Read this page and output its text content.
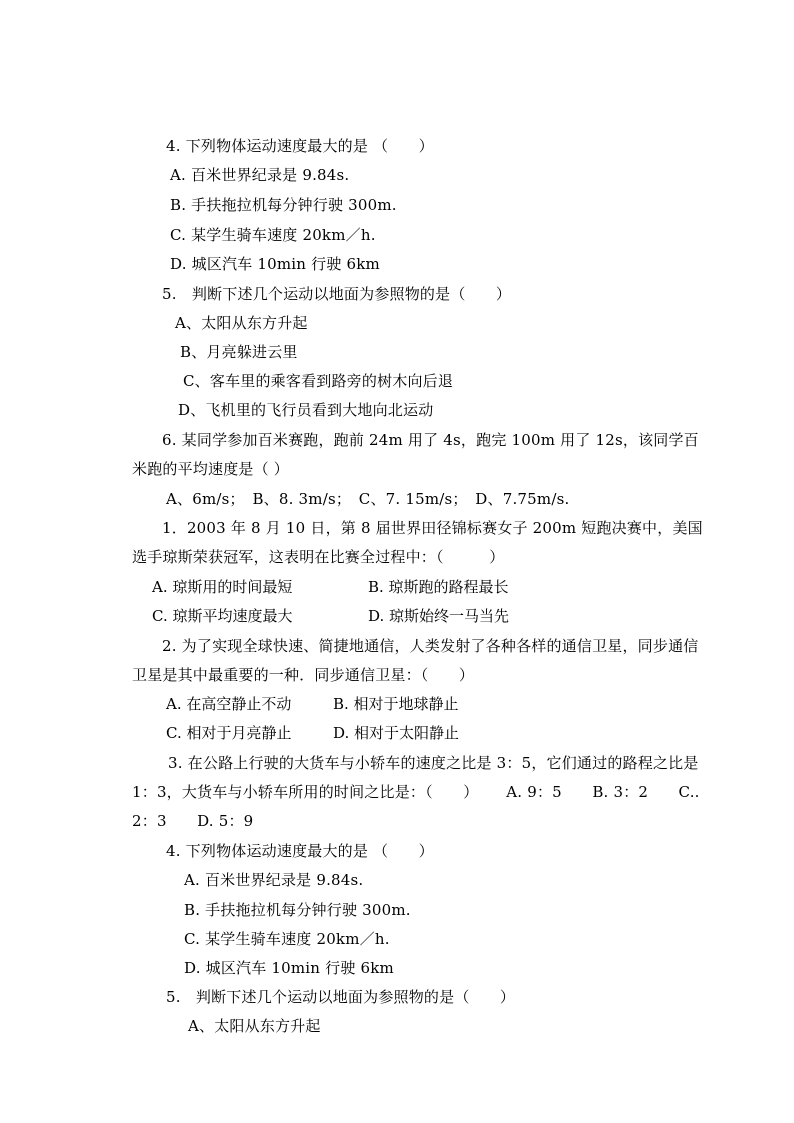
4. 下列物体运动速度最大的是 （　　）
A. 百米世界纪录是 9.84s.
B. 手扶拖拉机每分钟行驶 300m.
C. 某学生骑车速度 20km／h.
D. 城区汽车 10min 行驶 6km
5.　判断下述几个运动以地面为参照物的是（　　）
A、太阳从东方升起
B、月亮躲进云里
C、客车里的乘客看到路旁的树木向后退
D、飞机里的飞行员看到大地向北运动
6. 某同学参加百米赛跑，跑前 24m 用了 4s，跑完 100m 用了 12s，该同学百米跑的平均速度是（ ）
A、6m/s；　B、8. 3m/s；　C、7. 15m/s；　D、7.75m/s.
1．2003 年 8 月 10 日，第 8 届世界田径锦标赛女子 200m 短跑决赛中，美国选手琼斯荣获冠军，这表明在比赛全过程中：（　　　）
A. 琼斯用的时间最短	B. 琼斯跑的路程最长
C. 琼斯平均速度最大	D. 琼斯始终一马当先
2. 为了实现全球快速、简捷地通信，人类发射了各种各样的通信卫星，同步通信卫星是其中最重要的一种．同步通信卫星：（　　）
A. 在高空静止不动	B. 相对于地球静止
C. 相对于月亮静止	D. 相对于太阳静止
3. 在公路上行驶的大货车与小轿车的速度之比是 3：5，它们通过的路程之比是 1：3，大货车与小轿车所用的时间之比是：（　　）　　 A. 9：5　　B. 3：2　　C.. 2：3　　D. 5：9
4. 下列物体运动速度最大的是 （　　）
A. 百米世界纪录是 9.84s.
B. 手扶拖拉机每分钟行驶 300m.
C. 某学生骑车速度 20km／h.
D. 城区汽车 10min 行驶 6km
5.　判断下述几个运动以地面为参照物的是（　　）
A、太阳从东方升起
